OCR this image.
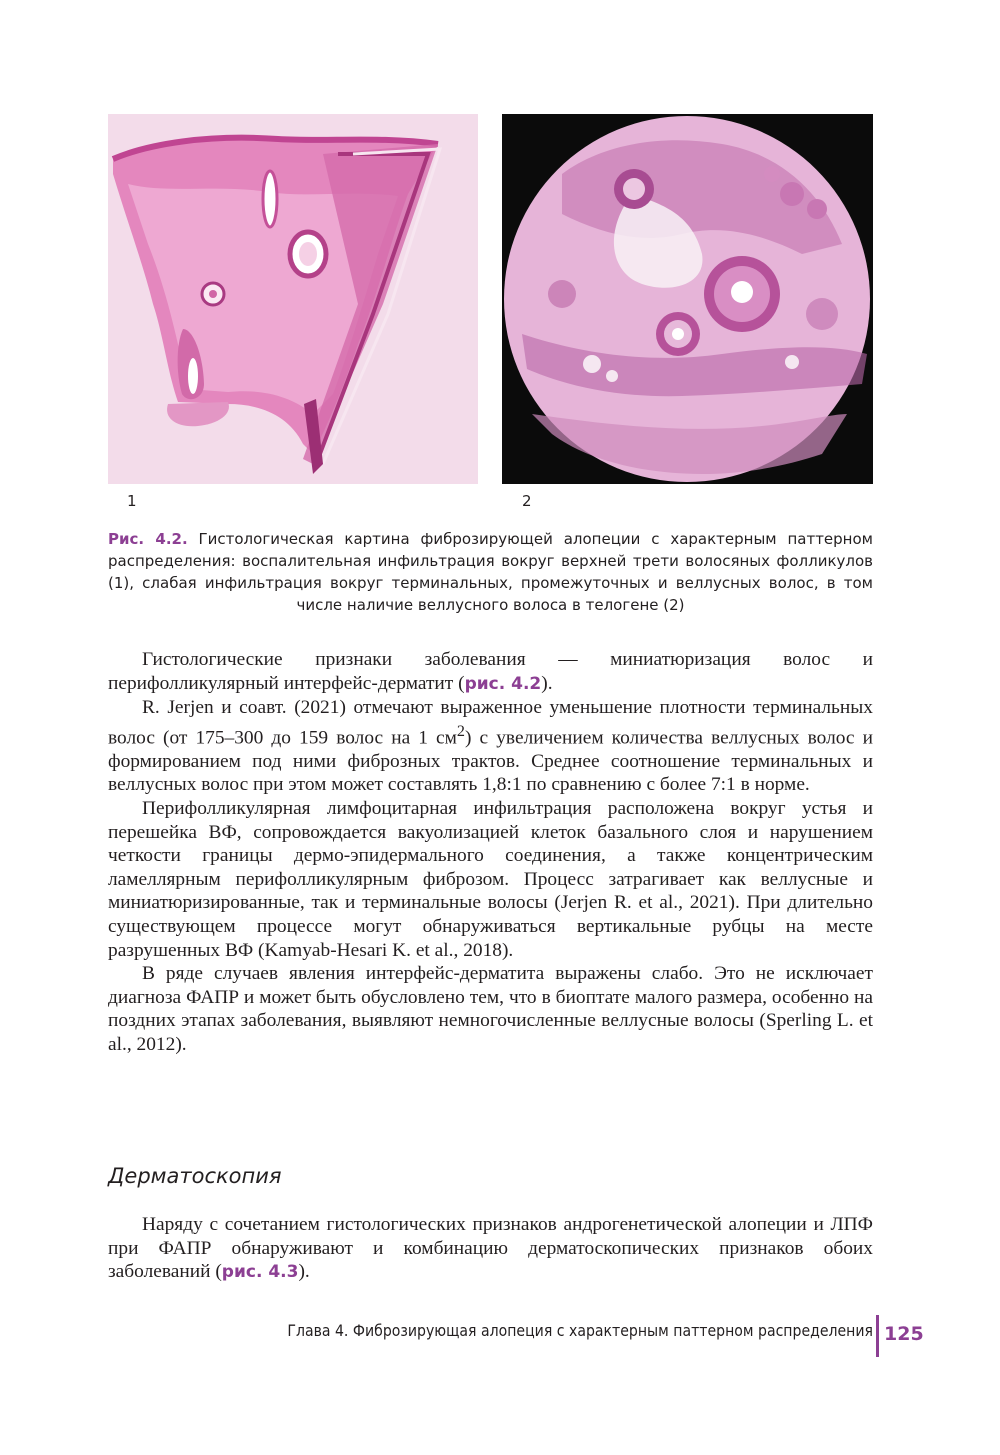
1	2
Рис. 4.2. Гистологическая картина фиброзирующей алопеции с характерным паттерном распределения: воспалительная инфильтрация вокруг верхней трети волосяных фолликулов (1), слабая инфильтрация вокруг терминальных, промежуточных и веллусных волос, в том числе наличие веллусного волоса в телогене (2)

Гистологические признаки заболевания — миниатюризация волос и перифолликулярный интерфейс-дерматит (рис. 4.2).

R. Jerjen и соавт. (2021) отмечают выраженное уменьшение плотности терминальных волос (от 175–300 до 159 волос на 1 $см^2$) с увеличением количества веллусных волос и формированием под ними фиброзных трактов. Среднее соотношение терминальных и веллусных волос при этом может составлять 1,8:1 по сравнению с более 7:1 в норме.

Перифолликулярная лимфоцитарная инфильтрация расположена вокруг устья и перешейка ВФ, сопровождается вакуолизацией клеток базального слоя и нарушением четкости границы дермо-эпидермального соединения, а также концентрическим ламеллярным перифолликулярным фиброзом. Процесс затрагивает как веллусные и миниатюризированные, так и терминальные волосы (Jerjen R. et al., 2021). При длительно существующем процессе могут обнаруживаться вертикальные рубцы на месте разрушенных ВФ (Kamyab-Hesari K. et al., 2018).

В ряде случаев явления интерфейс-дерматита выражены слабо. Это не исключает диагноза ФАПР и может быть обусловлено тем, что в биоптате малого размера, особенно на поздних этапах заболевания, выявляют немногочисленные веллусные волосы (Sperling L. et al., 2012).

Дерматоскопия

Наряду с сочетанием гистологических признаков андрогенетической алопеции и ЛПФ при ФАПР обнаруживают и комбинацию дерматоскопических признаков обоих заболеваний (рис. 4.3).

Глава 4. Фиброзирующая алопеция с характерным паттерном распределения 125
